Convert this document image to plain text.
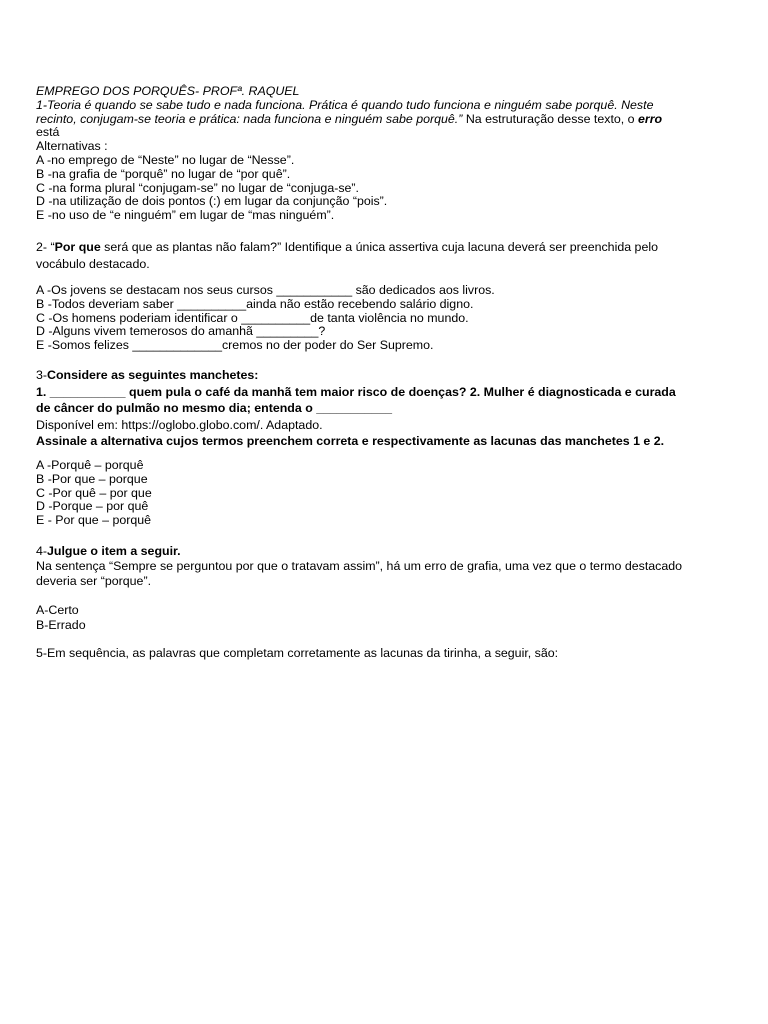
EMPREGO DOS PORQUÊS- PROFª. RAQUEL
1-Teoria é quando se sabe tudo e nada funciona. Prática é quando tudo funciona e ninguém sabe porquê. Neste
recinto, conjugam-se teoria e prática: nada funciona e ninguém sabe porquê.” Na estruturação desse texto, o erro
está
Alternativas :
A -no emprego de “Neste” no lugar de “Nesse”.
B -na grafia de “porquê” no lugar de “por quê”.
C -na forma plural “conjugam-se” no lugar de “conjuga-se”.
D -na utilização de dois pontos (:) em lugar da conjunção “pois”.
E -no uso de “e ninguém” em lugar de “mas ninguém”.
2- “Por que será que as plantas não falam?” Identifique a única assertiva cuja lacuna deverá ser preenchida pelo
vocábulo destacado.
A -Os jovens se destacam nos seus cursos ___________ são dedicados aos livros.
B -Todos deveriam saber __________ainda não estão recebendo salário digno.
C -Os homens poderiam identificar o __________de tanta violência no mundo.
D -Alguns vivem temerosos do amanhã _________?
E -Somos felizes _____________cremos no der poder do Ser Supremo.
3-Considere as seguintes manchetes:
1. ___________ quem pula o café da manhã tem maior risco de doenças? 2. Mulher é diagnosticada e curada
de câncer do pulmão no mesmo dia; entenda o ___________
Disponível em: https://oglobo.globo.com/. Adaptado.
Assinale a alternativa cujos termos preenchem correta e respectivamente as lacunas das manchetes 1 e 2.
A -Porquê – porquê
B -Por que – porque
C -Por quê – por que
D -Porque – por quê
E - Por que – porquê
4-Julgue o item a seguir.
Na sentença “Sempre se perguntou por que o tratavam assim”, há um erro de grafia, uma vez que o termo destacado
deveria ser “porque”.
A-Certo
B-Errado
5-Em sequência, as palavras que completam corretamente as lacunas da tirinha, a seguir, são:
